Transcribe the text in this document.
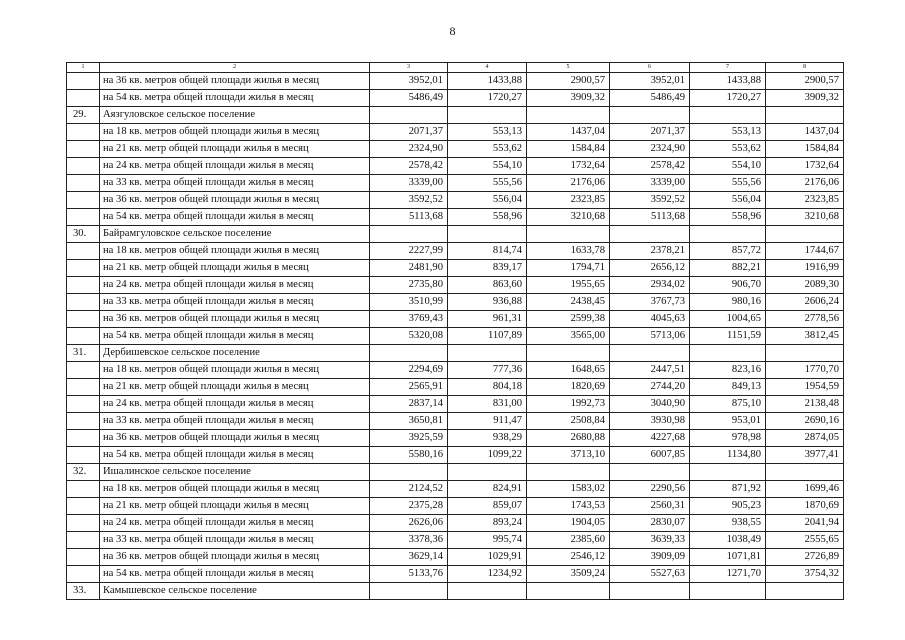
8
1	2	3	4	5	6	7	8
	на 36 кв. метров общей площади жилья в месяц	3952,01	1433,88	2900,57	3952,01	1433,88	2900,57
	на 54 кв. метра общей площади жилья в месяц	5486,49	1720,27	3909,32	5486,49	1720,27	3909,32
29.	Аязгуловское сельское поселение						
	на 18 кв. метров общей площади жилья в месяц	2071,37	553,13	1437,04	2071,37	553,13	1437,04
	на 21 кв. метр общей площади жилья в месяц	2324,90	553,62	1584,84	2324,90	553,62	1584,84
	на 24 кв. метра общей площади жилья в месяц	2578,42	554,10	1732,64	2578,42	554,10	1732,64
	на 33 кв. метра общей площади жилья в месяц	3339,00	555,56	2176,06	3339,00	555,56	2176,06
	на 36 кв. метров общей площади жилья в месяц	3592,52	556,04	2323,85	3592,52	556,04	2323,85
	на 54 кв. метра общей площади жилья в месяц	5113,68	558,96	3210,68	5113,68	558,96	3210,68
30.	Байрамгуловское сельское поселение						
	на 18 кв. метров общей площади жилья в месяц	2227,99	814,74	1633,78	2378,21	857,72	1744,67
	на 21 кв. метр общей площади жилья в месяц	2481,90	839,17	1794,71	2656,12	882,21	1916,99
	на 24 кв. метра общей площади жилья в месяц	2735,80	863,60	1955,65	2934,02	906,70	2089,30
	на 33 кв. метра общей площади жилья в месяц	3510,99	936,88	2438,45	3767,73	980,16	2606,24
	на 36 кв. метров общей площади жилья в месяц	3769,43	961,31	2599,38	4045,63	1004,65	2778,56
	на 54 кв. метра общей площади жилья в месяц	5320,08	1107,89	3565,00	5713,06	1151,59	3812,45
31.	Дербишевское сельское поселение						
	на 18 кв. метров общей площади жилья в месяц	2294,69	777,36	1648,65	2447,51	823,16	1770,70
	на 21 кв. метр общей площади жилья в месяц	2565,91	804,18	1820,69	2744,20	849,13	1954,59
	на 24 кв. метра общей площади жилья в месяц	2837,14	831,00	1992,73	3040,90	875,10	2138,48
	на 33 кв. метра общей площади жилья в месяц	3650,81	911,47	2508,84	3930,98	953,01	2690,16
	на 36 кв. метров общей площади жилья в месяц	3925,59	938,29	2680,88	4227,68	978,98	2874,05
	на 54 кв. метра общей площади жилья в месяц	5580,16	1099,22	3713,10	6007,85	1134,80	3977,41
32.	Ишалинское сельское поселение						
	на 18 кв. метров общей площади жилья в месяц	2124,52	824,91	1583,02	2290,56	871,92	1699,46
	на 21 кв. метр общей площади жилья в месяц	2375,28	859,07	1743,53	2560,31	905,23	1870,69
	на 24 кв. метра общей площади жилья в месяц	2626,06	893,24	1904,05	2830,07	938,55	2041,94
	на 33 кв. метра общей площади жилья в месяц	3378,36	995,74	2385,60	3639,33	1038,49	2555,65
	на 36 кв. метров общей площади жилья в месяц	3629,14	1029,91	2546,12	3909,09	1071,81	2726,89
	на 54 кв. метра общей площади жилья в месяц	5133,76	1234,92	3509,24	5527,63	1271,70	3754,32
33.	Камышевское сельское поселение						
